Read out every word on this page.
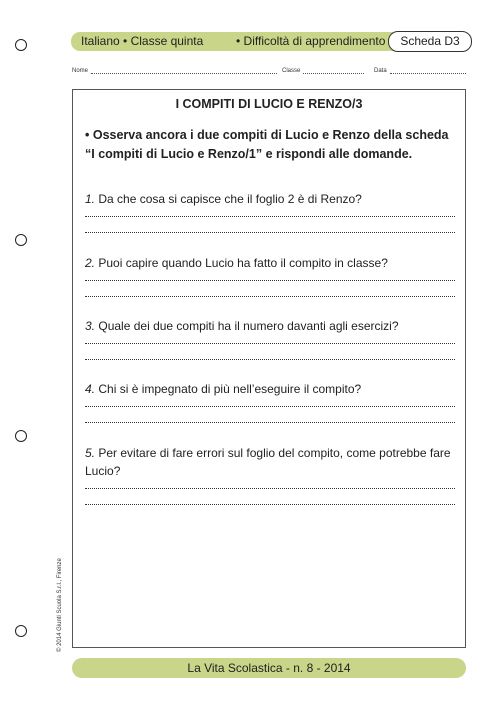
Italiano • Classe quinta	• Difficoltà di apprendimento	Scheda D3
Nome	Classe	Data
I COMPITI DI LUCIO E RENZO/3
• Osserva ancora i due compiti di Lucio e Renzo della scheda “I compiti di Lucio e Renzo/1” e rispondi alle domande.
1. Da che cosa si capisce che il foglio 2 è di Renzo?
2. Puoi capire quando Lucio ha fatto il compito in classe?
3. Quale dei due compiti ha il numero davanti agli esercizi?
4. Chi si è impegnato di più nell’eseguire il compito?
5. Per evitare di fare errori sul foglio del compito, come potrebbe fare Lucio?
© 2014 Giunti Scuola S.r.l., Firenze
La Vita Scolastica - n. 8 - 2014
